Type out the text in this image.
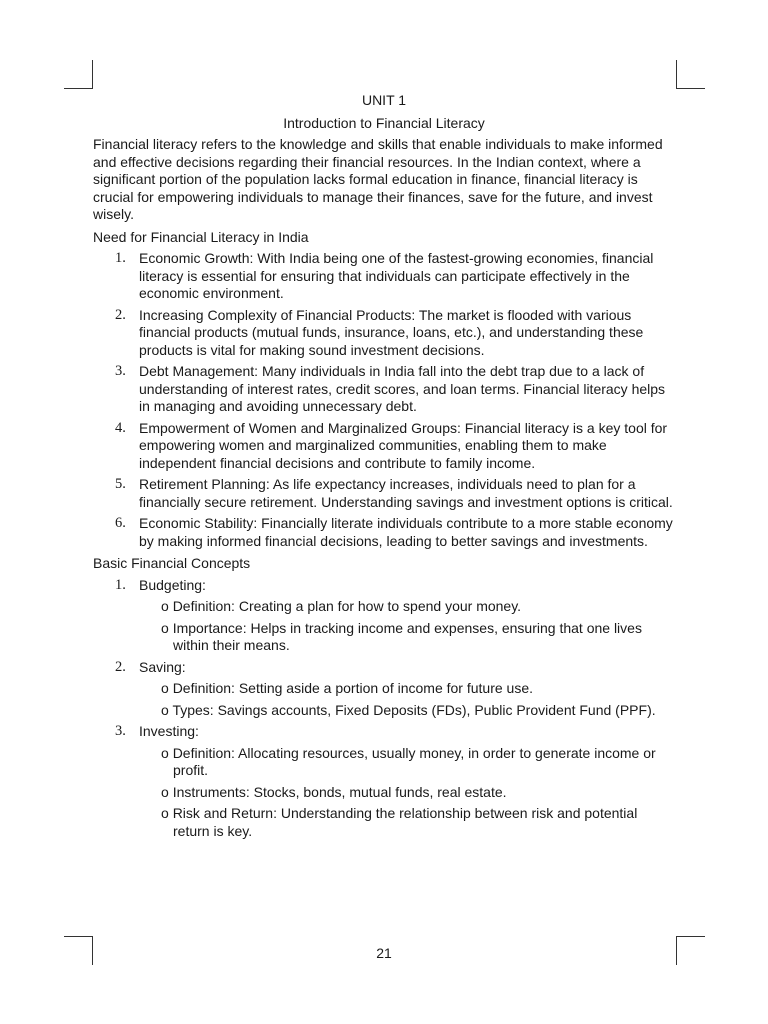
UNIT 1
Introduction to Financial Literacy
Financial literacy refers to the knowledge and skills that enable individuals to make informed and effective decisions regarding their financial resources. In the Indian context, where a significant portion of the population lacks formal education in finance, financial literacy is crucial for empowering individuals to manage their finances, save for the future, and invest wisely.
Need for Financial Literacy in India
1. Economic Growth: With India being one of the fastest-growing economies, financial literacy is essential for ensuring that individuals can participate effectively in the economic environment.
2. Increasing Complexity of Financial Products: The market is flooded with various financial products (mutual funds, insurance, loans, etc.), and understanding these products is vital for making sound investment decisions.
3. Debt Management: Many individuals in India fall into the debt trap due to a lack of understanding of interest rates, credit scores, and loan terms. Financial literacy helps in managing and avoiding unnecessary debt.
4. Empowerment of Women and Marginalized Groups: Financial literacy is a key tool for empowering women and marginalized communities, enabling them to make independent financial decisions and contribute to family income.
5. Retirement Planning: As life expectancy increases, individuals need to plan for a financially secure retirement. Understanding savings and investment options is critical.
6. Economic Stability: Financially literate individuals contribute to a more stable economy by making informed financial decisions, leading to better savings and investments.
Basic Financial Concepts
1. Budgeting:
o Definition: Creating a plan for how to spend your money.
o Importance: Helps in tracking income and expenses, ensuring that one lives within their means.
2. Saving:
o Definition: Setting aside a portion of income for future use.
o Types: Savings accounts, Fixed Deposits (FDs), Public Provident Fund (PPF).
3. Investing:
o Definition: Allocating resources, usually money, in order to generate income or profit.
o Instruments: Stocks, bonds, mutual funds, real estate.
o Risk and Return: Understanding the relationship between risk and potential return is key.
21
